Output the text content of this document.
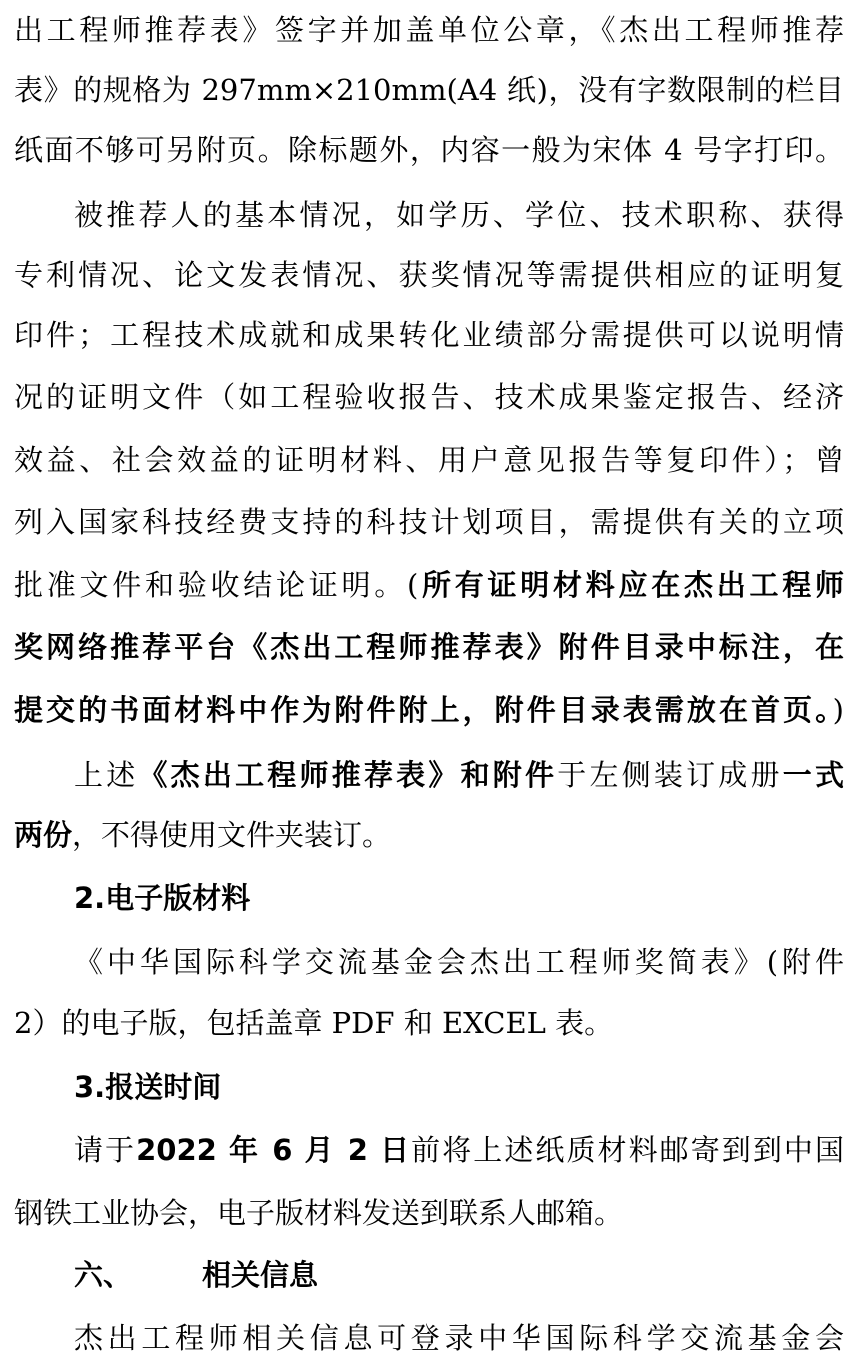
出工程师推荐表》签字并加盖单位公章，《杰出工程师推荐
表》的规格为 297mm×210mm(A4 纸)，没有字数限制的栏目
纸面不够可另附页。除标题外，内容一般为宋体 4 号字打印。
被推荐人的基本情况，如学历、学位、技术职称、获得
专利情况、论文发表情况、获奖情况等需提供相应的证明复
印件；工程技术成就和成果转化业绩部分需提供可以说明情
况的证明文件（如工程验收报告、技术成果鉴定报告、经济
效益、社会效益的证明材料、用户意见报告等复印件）；曾
列入国家科技经费支持的科技计划项目，需提供有关的立项
批准文件和验收结论证明。(所有证明材料应在杰出工程师
奖网络推荐平台《杰出工程师推荐表》附件目录中标注，在
提交的书面材料中作为附件附上，附件目录表需放在首页。)
上述《杰出工程师推荐表》和附件于左侧装订成册一式
两份，不得使用文件夹装订。
2.电子版材料
《中华国际科学交流基金会杰出工程师奖简表》(附件
2）的电子版，包括盖章 PDF 和 EXCEL 表。
3.报送时间
请于2022 年 6 月 2 日前将上述纸质材料邮寄到到中国
钢铁工业协会，电子版材料发送到联系人邮箱。
六、 相关信息
杰出工程师相关信息可登录中华国际科学交流基金会
